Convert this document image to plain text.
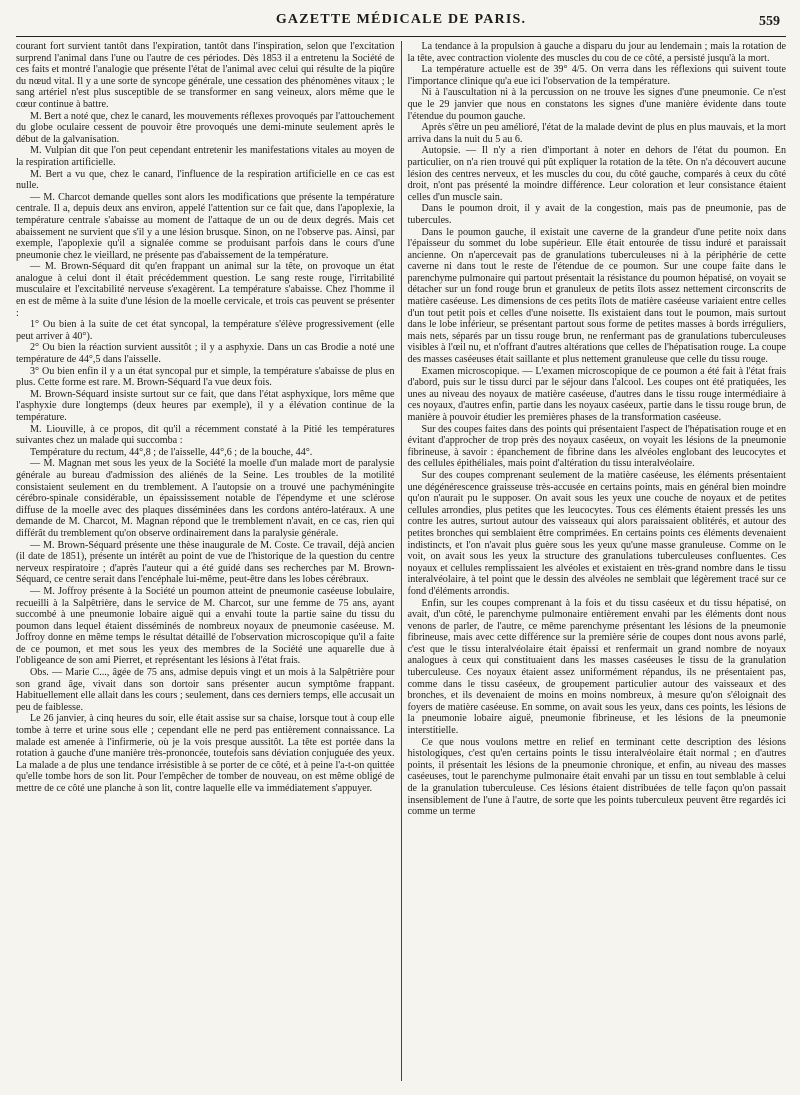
GAZETTE MÉDICALE DE PARIS.	559

courant fort survient tantôt dans l'expiration, tantôt dans l'inspiration, selon que l'excitation surprend l'animal dans l'une ou l'autre de ces périodes. Dès 1853 il a entretenu la Société de ces faits et montré l'analogie que présente l'état de l'animal avec celui qui résulte de la piqûre du nœud vital. Il y a une sorte de syncope générale, une cessation des phénomènes vitaux ; le sang artériel n'est plus susceptible de se transformer en sang veineux, alors même que le cœur continue à battre.

M. Bert a noté que, chez le canard, les mouvements réflexes provoqués par l'attouchement du globe oculaire cessent de pouvoir être provoqués une demi-minute seulement après le début de la galvanisation.

M. Vulpian dit que l'on peut cependant entretenir les manifestations vitales au moyen de la respiration artificielle.

M. Bert a vu que, chez le canard, l'influence de la respiration artificielle en ce cas est nulle.

— M. Charcot demande quelles sont alors les modifications que présente la température centrale. Il a, depuis deux ans environ, appelé l'attention sur ce fait que, dans l'apoplexie, la température centrale s'abaisse au moment de l'attaque de un ou de deux degrés. Mais cet abaissement ne survient que s'il y a une lésion brusque. Sinon, on ne l'observe pas. Ainsi, par exemple, l'apoplexie qu'il a signalée comme se produisant parfois dans le cours d'une pneumonie chez le vieillard, ne présente pas d'abaissement de la température.

— M. Brown-Séquard dit qu'en frappant un animal sur la tête, on provoque un état analogue à celui dont il était précédemment question. Le sang reste rouge, l'irritabilité musculaire et l'excitabilité nerveuse s'exagèrent. La température s'abaisse. Chez l'homme il en est de même à la suite d'une lésion de la moelle cervicale, et trois cas peuvent se présenter :

1° Ou bien à la suite de cet état syncopal, la température s'élève progressivement (elle peut arriver à 40°).

2° Ou bien la réaction survient aussitôt ; il y a asphyxie. Dans un cas Brodie a noté une température de 44°,5 dans l'aisselle.

3° Ou bien enfin il y a un état syncopal pur et simple, la température s'abaisse de plus en plus. Cette forme est rare. M. Brown-Séquard l'a vue deux fois.

M. Brown-Séquard insiste surtout sur ce fait, que dans l'état asphyxique, lors même que l'asphyxie dure longtemps (deux heures par exemple), il y a élévation continue de la température.

M. Liouville, à ce propos, dit qu'il a récemment constaté à la Pitié les températures suivantes chez un malade qui succomba :

Température du rectum, 44°,8 ; de l'aisselle, 44°,6 ; de la bouche, 44°.

— M. Magnan met sous les yeux de la Société la moelle d'un malade mort de paralysie générale au bureau d'admission des aliénés de la Seine. Les troubles de la motilité consistaient seulement en du tremblement. A l'autopsie on a trouvé une pachyméningite cérébro-spinale considérable, un épaississement notable de l'épendyme et une sclérose diffuse de la moelle avec des plaques disséminées dans les cordons antéro-latéraux. A une demande de M. Charcot, M. Magnan répond que le tremblement n'avait, en ce cas, rien qui différât du tremblement qu'on observe ordinairement dans la paralysie générale.

— M. Brown-Séquard présente une thèse inaugurale de M. Coste. Ce travail, déjà ancien (il date de 1851), présente un intérêt au point de vue de l'historique de la question du centre nerveux respiratoire ; d'après l'auteur qui a été guidé dans ses recherches par M. Brown-Séquard, ce centre serait dans l'encéphale lui-même, peut-être dans les lobes cérébraux.

— M. Joffroy présente à la Société un poumon atteint de pneumonie caséeuse lobulaire, recueilli à la Salpêtrière, dans le service de M. Charcot, sur une femme de 75 ans, ayant succombé à une pneumonie lobaire aiguë qui a envahi toute la partie saine du tissu du poumon dans lequel étaient disséminés de nombreux noyaux de pneumonie caséeuse. M. Joffroy donne en même temps le résultat détaillé de l'observation microscopique qu'il a faite de ce poumon, et met sous les yeux des membres de la Société une aquarelle due à l'obligeance de son ami Pierret, et représentant les lésions à l'état frais.

Obs. — Marie C..., âgée de 75 ans, admise depuis vingt et un mois à la Salpêtrière pour son grand âge, vivait dans son dortoir sans présenter aucun symptôme frappant. Habituellement elle allait dans les cours ; seulement, dans ces derniers temps, elle accusait un peu de faiblesse.

Le 26 janvier, à cinq heures du soir, elle était assise sur sa chaise, lorsque tout à coup elle tombe à terre et urine sous elle ; cependant elle ne perd pas entièrement connaissance. La malade est amenée à l'infirmerie, où je la vois presque aussitôt. La tête est portée dans la rotation à gauche d'une manière très-prononcée, toutefois sans déviation conjuguée des yeux. La malade a de plus une tendance irrésistible à se porter de ce côté, et à peine l'a-t-on quittée qu'elle tombe hors de son lit. Pour l'empêcher de tomber de nouveau, on est même obligé de mettre de ce côté une planche à son lit, contre laquelle elle va immédiatement s'appuyer.

La tendance à la propulsion à gauche a disparu du jour au lendemain ; mais la rotation de la tête, avec contraction violente des muscles du cou de ce côté, a persisté jusqu'à la mort.

La température actuelle est de 39° 4/5. On verra dans les réflexions qui suivent toute l'importance clinique qu'a eue ici l'observation de la température.

Ni à l'auscultation ni à la percussion on ne trouve les signes d'une pneumonie. Ce n'est que le 29 janvier que nous en constatons les signes d'une manière évidente dans toute l'étendue du poumon gauche.

Après s'être un peu amélioré, l'état de la malade devint de plus en plus mauvais, et la mort arriva dans la nuit du 5 au 6.

Autopsie. — Il n'y a rien d'important à noter en dehors de l'état du poumon. En particulier, on n'a rien trouvé qui pût expliquer la rotation de la tête. On n'a découvert aucune lésion des centres nerveux, et les muscles du cou, du côté gauche, comparés à ceux du côté droit, n'ont pas présenté la moindre différence. Leur coloration et leur consistance étaient celles d'un muscle sain.

Dans le poumon droit, il y avait de la congestion, mais pas de pneumonie, pas de tubercules.

Dans le poumon gauche, il existait une caverne de la grandeur d'une petite noix dans l'épaisseur du sommet du lobe supérieur. Elle était entourée de tissu induré et paraissait ancienne. On n'apercevait pas de granulations tuberculeuses ni à la périphérie de cette caverne ni dans tout le reste de l'étendue de ce poumon. Sur une coupe faite dans le parenchyme pulmonaire qui partout présentait la résistance du poumon hépatisé, on voyait se détacher sur un fond rouge brun et granuleux de petits îlots assez nettement circonscrits de matière caséeuse. Les dimensions de ces petits îlots de matière caséeuse variaient entre celles d'un tout petit pois et celles d'une noisette. Ils existaient dans tout le poumon, mais surtout dans le lobe inférieur, se présentant partout sous forme de petites masses à bords irréguliers, mais nets, séparés par un tissu rouge brun, ne renfermant pas de granulations tuberculeuses visibles à l'œil nu, et n'offrant d'autres altérations que celles de l'hépatisation rouge. La coupe des masses caséeuses était saillante et plus nettement granuleuse que celle du tissu rouge.

Examen microscopique. — L'examen microscopique de ce poumon a été fait à l'état frais d'abord, puis sur le tissu durci par le séjour dans l'alcool. Les coupes ont été pratiquées, les unes au niveau des noyaux de matière caséeuse, d'autres dans le tissu rouge intermédiaire à ces noyaux, d'autres enfin, partie dans les noyaux caséeux, partie dans le tissu rouge brun, de manière à pouvoir étudier les premières phases de la transformation caséeuse.

Sur des coupes faites dans des points qui présentaient l'aspect de l'hépatisation rouge et en évitant d'approcher de trop près des noyaux caséeux, on voyait les lésions de la pneumonie fibrineuse, à savoir : épanchement de fibrine dans les alvéoles englobant des leucocytes et des cellules épithéliales, mais point d'altération du tissu interalvéolaire.

Sur des coupes comprenant seulement de la matière caséeuse, les éléments présentaient une dégénérescence graisseuse très-accusée en certains points, mais en général bien moindre qu'on n'aurait pu le supposer. On avait sous les yeux une couche de noyaux et de petites cellules arrondies, plus petites que les leucocytes. Tous ces éléments étaient pressés les uns contre les autres, surtout autour des vaisseaux qui alors paraissaient oblitérés, et autour des petites bronches qui semblaient être comprimées. En certains points ces éléments devenaient indistincts, et l'on n'avait plus guère sous les yeux qu'une masse granuleuse. Comme on le voit, on avait sous les yeux la structure des granulations tuberculeuses confluentes. Ces noyaux et cellules remplissaient les alvéoles et existaient en très-grand nombre dans le tissu interalvéolaire, à tel point que le dessin des alvéoles ne semblait que légèrement tracé sur ce fond d'éléments arrondis.

Enfin, sur les coupes comprenant à la fois et du tissu caséeux et du tissu hépatisé, on avait, d'un côté, le parenchyme pulmonaire entièrement envahi par les éléments dont nous venons de parler, de l'autre, ce même parenchyme présentant les lésions de la pneumonie fibrineuse, mais avec cette différence sur la première série de coupes dont nous avons parlé, c'est que le tissu interalvéolaire était épaissi et renfermait un grand nombre de noyaux analogues à ceux qui constituaient dans les masses caséeuses le tissu de la granulation tuberculeuse. Ces noyaux étaient assez uniformément répandus, ils ne présentaient pas, comme dans le tissu caséeux, de groupement particulier autour des vaisseaux et des bronches, et ils devenaient de moins en moins nombreux, à mesure qu'on s'éloignait des foyers de matière caséeuse. En somme, on avait sous les yeux, dans ces points, les lésions de la pneumonie lobaire aiguë, pneumonie fibrineuse, et les lésions de la pneumonie interstitielle.

Ce que nous voulons mettre en relief en terminant cette description des lésions histologiques, c'est qu'en certains points le tissu interalvéolaire était normal ; en d'autres points, il présentait les lésions de la pneumonie chronique, et enfin, au niveau des masses caséeuses, tout le parenchyme pulmonaire était envahi par un tissu en tout semblable à celui de la granulation tuberculeuse. Ces lésions étaient distribuées de telle façon qu'on passait insensiblement de l'une à l'autre, de sorte que les points tuberculeux peuvent être regardés ici comme un terme
